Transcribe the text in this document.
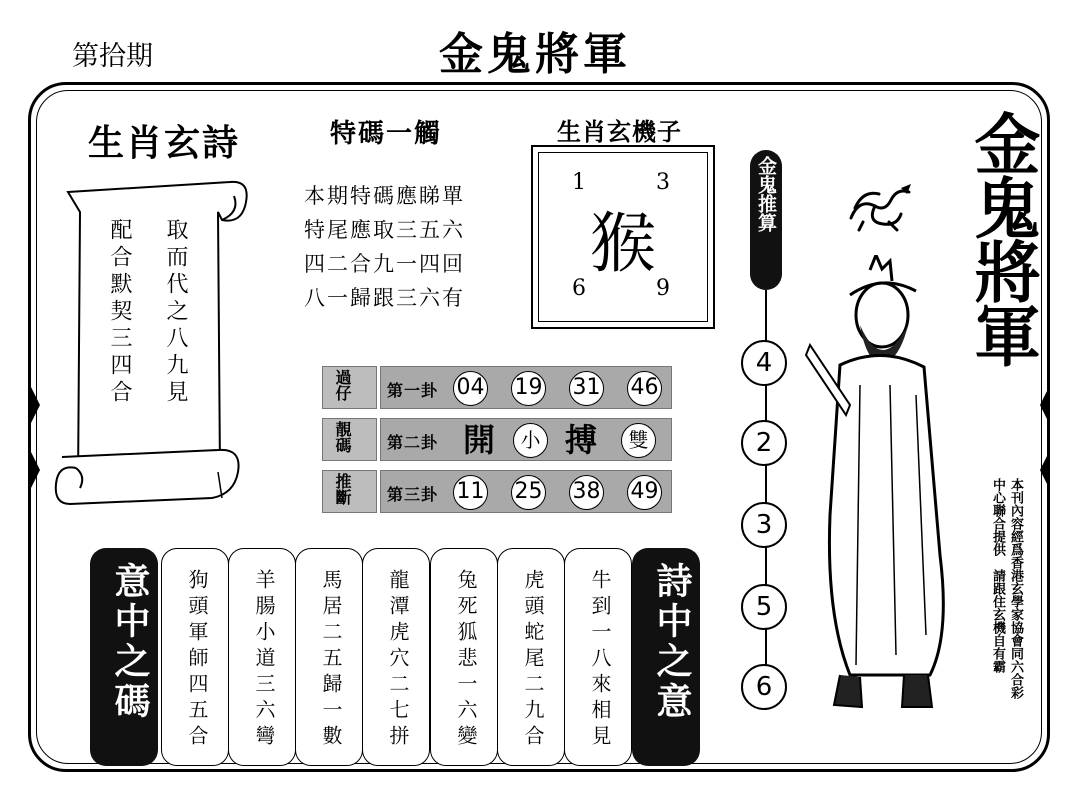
第拾期	金鬼將軍
生肖玄詩
取而代之八九見
配合默契三四合
特碼一觸
本期特碼應睇單
特尾應取三五六
四二合九一四回
八一歸跟三六有
生肖玄機子
1	3
6	9
猴
過仔 第一卦 04 19 31 46
靚碼 第二卦 開	小 搏	雙
推斷 第三卦 11 25 38 49
金鬼推算
4
2
3
5
6
金鬼將軍
本刊內容經爲香港玄學家協會同六合彩
中心聯合提供　請跟住玄機自有霸
意中之碼 狗頭軍師四五合 羊腸小道三六彎 馬居二五歸一數 龍潭虎穴二七拼 兔死狐悲一六變 虎頭蛇尾二九合 牛到一八來相見 詩中之意
